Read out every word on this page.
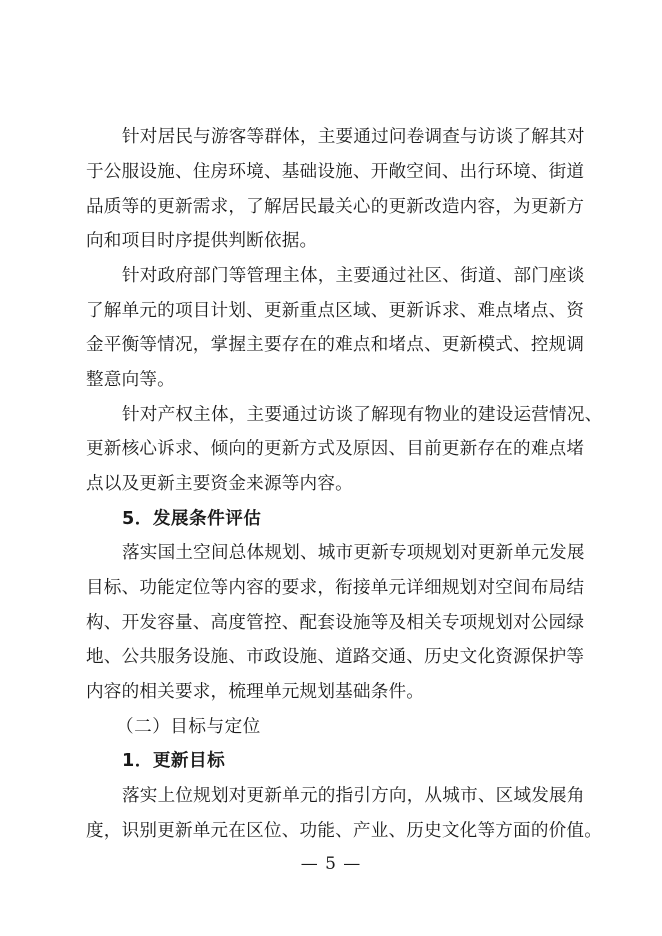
针对居民与游客等群体，主要通过问卷调查与访谈了解其对
于公服设施、住房环境、基础设施、开敞空间、出行环境、街道
品质等的更新需求，了解居民最关心的更新改造内容，为更新方
向和项目时序提供判断依据。
针对政府部门等管理主体，主要通过社区、街道、部门座谈
了解单元的项目计划、更新重点区域、更新诉求、难点堵点、资
金平衡等情况，掌握主要存在的难点和堵点、更新模式、控规调
整意向等。
针对产权主体，主要通过访谈了解现有物业的建设运营情况、
更新核心诉求、倾向的更新方式及原因、目前更新存在的难点堵
点以及更新主要资金来源等内容。
5．发展条件评估
落实国土空间总体规划、城市更新专项规划对更新单元发展
目标、功能定位等内容的要求，衔接单元详细规划对空间布局结
构、开发容量、高度管控、配套设施等及相关专项规划对公园绿
地、公共服务设施、市政设施、道路交通、历史文化资源保护等
内容的相关要求，梳理单元规划基础条件。
（二）目标与定位
1．更新目标
落实上位规划对更新单元的指引方向，从城市、区域发展角
度，识别更新单元在区位、功能、产业、历史文化等方面的价值。
— 5 —
